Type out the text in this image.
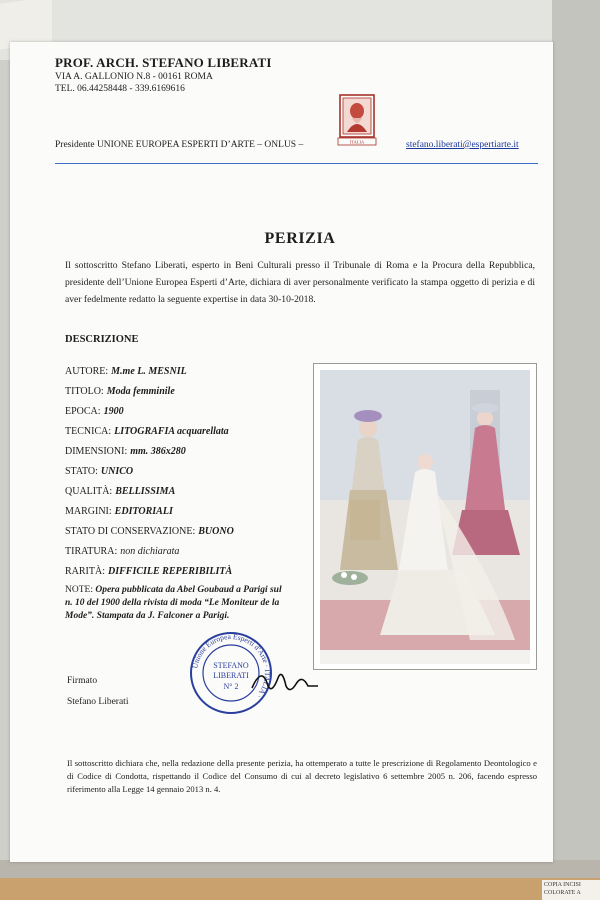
COPIA INCISI COLORATE A

PROF. ARCH. STEFANO LIBERATI

VIA A. GALLONIO N.8 - 00161 ROMA

TEL. 06.44258448 - 339.6169616

ITALIA

Presidente UNIONE EUROPEA ESPERTI D’ARTE – ONLUS –	stefano.liberati@espertiarte.it

PERIZIA

Il sottoscritto Stefano Liberati, esperto in Beni Culturali presso il Tribunale di Roma e la Procura della Repubblica, presidente dell’Unione Europea Esperti d’Arte, dichiara di aver personalmente verificato la stampa oggetto di perizia e di aver fedelmente redatto la seguente expertise in data 30-10-2018.

DESCRIZIONE

AUTORE: M.me L. MESNIL

TITOLO: Moda femminile

EPOCA: 1900

TECNICA: LITOGRAFIA acquarellata

DIMENSIONI: mm. 386x280

STATO: UNICO

QUALITÀ: BELLISSIMA

MARGINI: EDITORIALI

STATO DI CONSERVAZIONE: BUONO

TIRATURA: non dichiarata

RARITÀ: DIFFICILE REPERIBILITÀ

NOTE: Opera pubblicata da Abel Goubaud a Parigi sul n. 10 del 1900 della rivista di moda “Le Moniteur de la Mode”. Stampata da J. Falconer a Parigi.

Firmato

Stefano Liberati

Unione Europea Esperti d'Arte · ITALIA ·
STEFANO
LIBERATI
N° 2

Il sottoscritto dichiara che, nella redazione della presente perizia, ha ottemperato a tutte le prescrizione di Regolamento Deontologico e di Codice di Condotta, rispettando il Codice del Consumo di cui al decreto legislativo 6 settembre 2005 n. 206, facendo espresso riferimento alla Legge 14 gennaio 2013 n. 4.
